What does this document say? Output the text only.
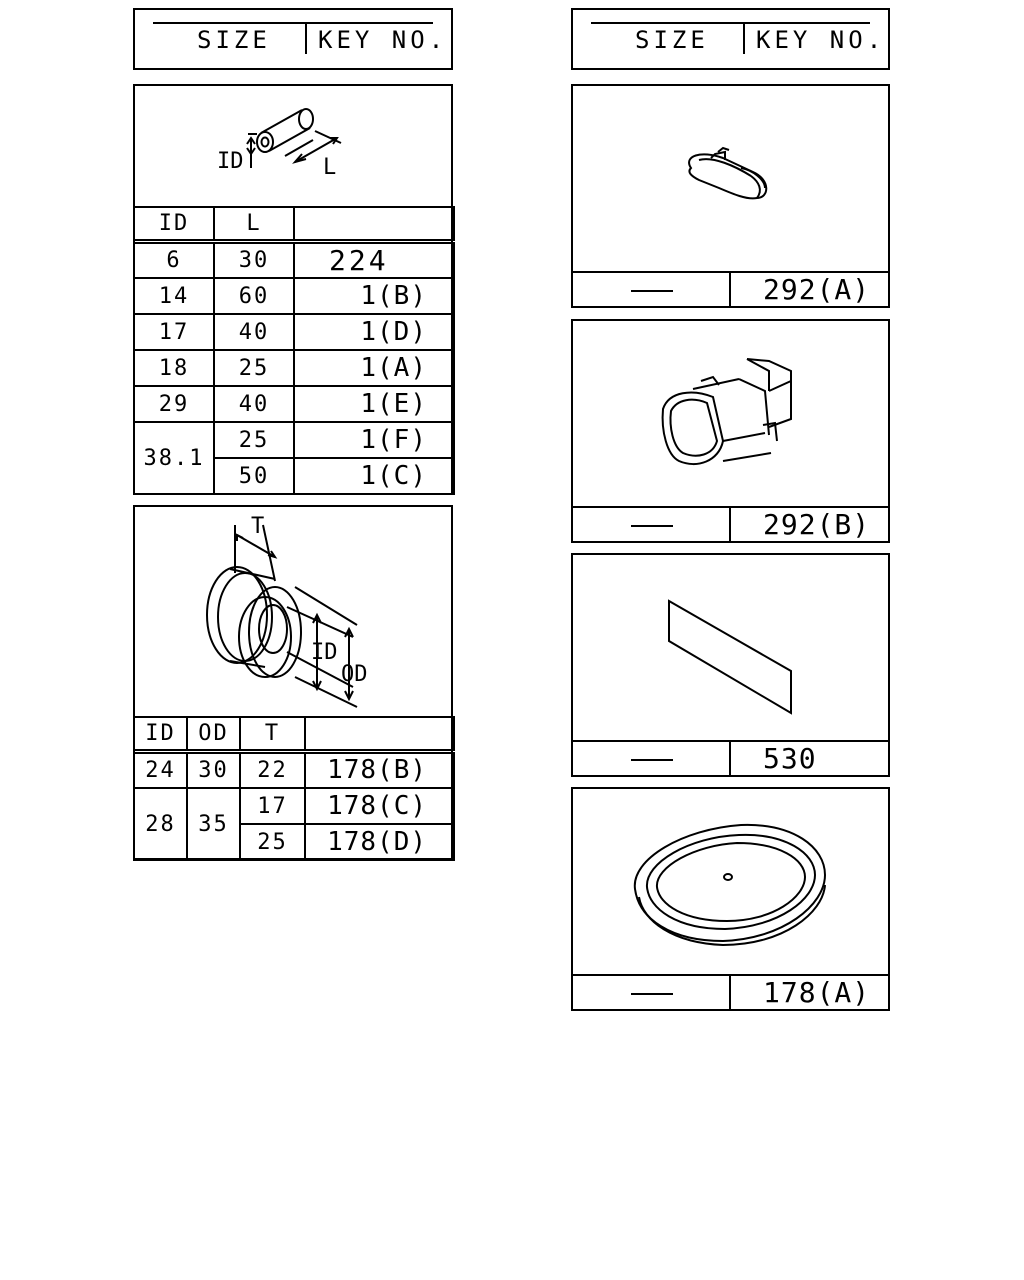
SIZE KEY NO.	SIZE KEY NO.
ID	L
ID	L	
6	30	224
14	60	1(B)
17	40	1(D)
18	25	1(A)
29	40	1(E)
38.1	25	1(F)
	50	1(C)
T
ID
OD
ID	OD	T	
24	30	22	178(B)
28	35	17	178(C)
		25	178(D)
292(A)
292(B)
530
178(A)
